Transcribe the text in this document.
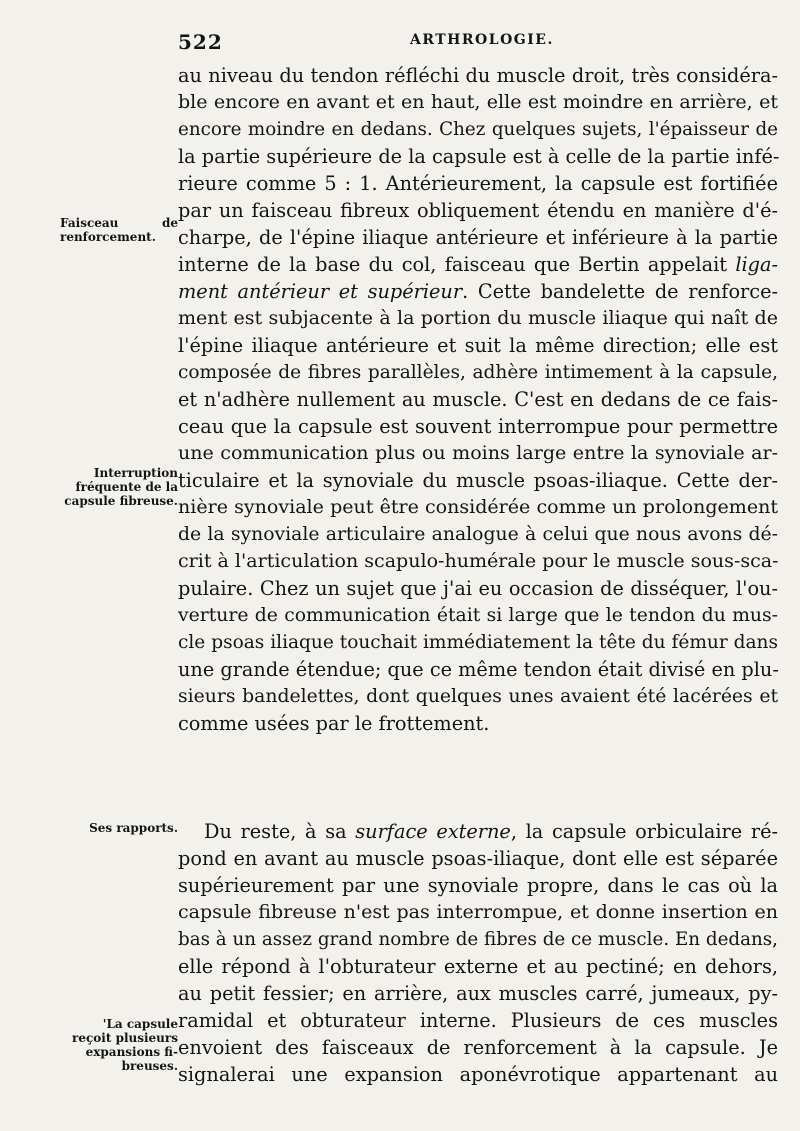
522	ARTHROLOGIE.
Faisceau de
renforcement.
Interruption
fréquente de la
capsule fibreuse.
Ses rapports.
'La capsule
reçoit plusieurs
expansions fi-
breuses.
au niveau du tendon réfléchi du muscle droit, très considéra-
ble encore en avant et en haut, elle est moindre en arrière, et
encore moindre en dedans. Chez quelques sujets, l'épaisseur de
la partie supérieure de la capsule est à celle de la partie infé-
rieure comme 5 : 1. Antérieurement, la capsule est fortifiée
par un faisceau fibreux obliquement étendu en manière d'é-
charpe, de l'épine iliaque antérieure et inférieure à la partie
interne de la base du col, faisceau que Bertin appelait liga-
ment antérieur et supérieur. Cette bandelette de renforce-
ment est subjacente à la portion du muscle iliaque qui naît de
l'épine iliaque antérieure et suit la même direction; elle est
composée de fibres parallèles, adhère intimement à la capsule,
et n'adhère nullement au muscle. C'est en dedans de ce fais-
ceau que la capsule est souvent interrompue pour permettre
une communication plus ou moins large entre la synoviale ar-
ticulaire et la synoviale du muscle psoas-iliaque. Cette der-
nière synoviale peut être considérée comme un prolongement
de la synoviale articulaire analogue à celui que nous avons dé-
crit à l'articulation scapulo-humérale pour le muscle sous-sca-
pulaire. Chez un sujet que j'ai eu occasion de disséquer, l'ou-
verture de communication était si large que le tendon du mus-
cle psoas iliaque touchait immédiatement la tête du fémur dans
une grande étendue; que ce même tendon était divisé en plu-
sieurs bandelettes, dont quelques unes avaient été lacérées et
comme usées par le frottement.
Du reste, à sa surface externe, la capsule orbiculaire ré-
pond en avant au muscle psoas-iliaque, dont elle est séparée
supérieurement par une synoviale propre, dans le cas où la
capsule fibreuse n'est pas interrompue, et donne insertion en
bas à un assez grand nombre de fibres de ce muscle. En dedans,
elle répond à l'obturateur externe et au pectiné; en dehors,
au petit fessier; en arrière, aux muscles carré, jumeaux, py-
ramidal et obturateur interne. Plusieurs de ces muscles
envoient des faisceaux de renforcement à la capsule. Je
signalerai une expansion aponévrotique appartenant au
